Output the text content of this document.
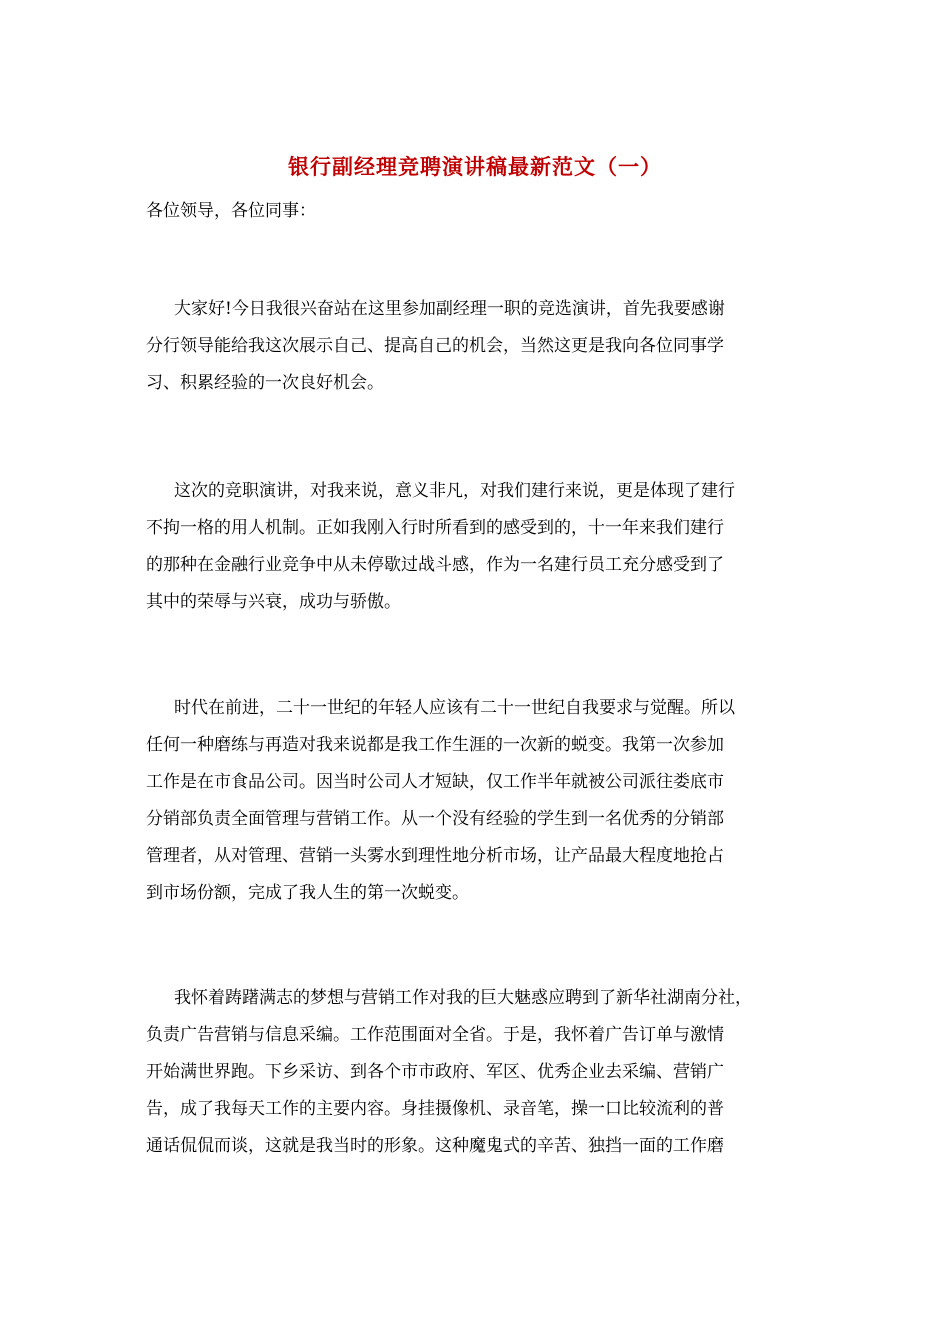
银行副经理竞聘演讲稿最新范文（一）
各位领导，各位同事：
大家好!今日我很兴奋站在这里参加副经理一职的竞选演讲，首先我要感谢
分行领导能给我这次展示自己、提高自己的机会，当然这更是我向各位同事学
习、积累经验的一次良好机会。
这次的竞职演讲，对我来说，意义非凡，对我们建行来说，更是体现了建行
不拘一格的用人机制。正如我刚入行时所看到的感受到的，十一年来我们建行
的那种在金融行业竞争中从未停歇过战斗感，作为一名建行员工充分感受到了
其中的荣辱与兴衰，成功与骄傲。
时代在前进，二十一世纪的年轻人应该有二十一世纪自我要求与觉醒。所以
任何一种磨练与再造对我来说都是我工作生涯的一次新的蜕变。我第一次参加
工作是在市食品公司。因当时公司人才短缺，仅工作半年就被公司派往娄底市
分销部负责全面管理与营销工作。从一个没有经验的学生到一名优秀的分销部
管理者，从对管理、营销一头雾水到理性地分析市场，让产品最大程度地抢占
到市场份额，完成了我人生的第一次蜕变。
我怀着踌躇满志的梦想与营销工作对我的巨大魅惑应聘到了新华社湖南分社，
负责广告营销与信息采编。工作范围面对全省。于是，我怀着广告订单与激情
开始满世界跑。下乡采访、到各个市市政府、军区、优秀企业去采编、营销广
告，成了我每天工作的主要内容。身挂摄像机、录音笔，操一口比较流利的普
通话侃侃而谈，这就是我当时的形象。这种魔鬼式的辛苦、独挡一面的工作磨
